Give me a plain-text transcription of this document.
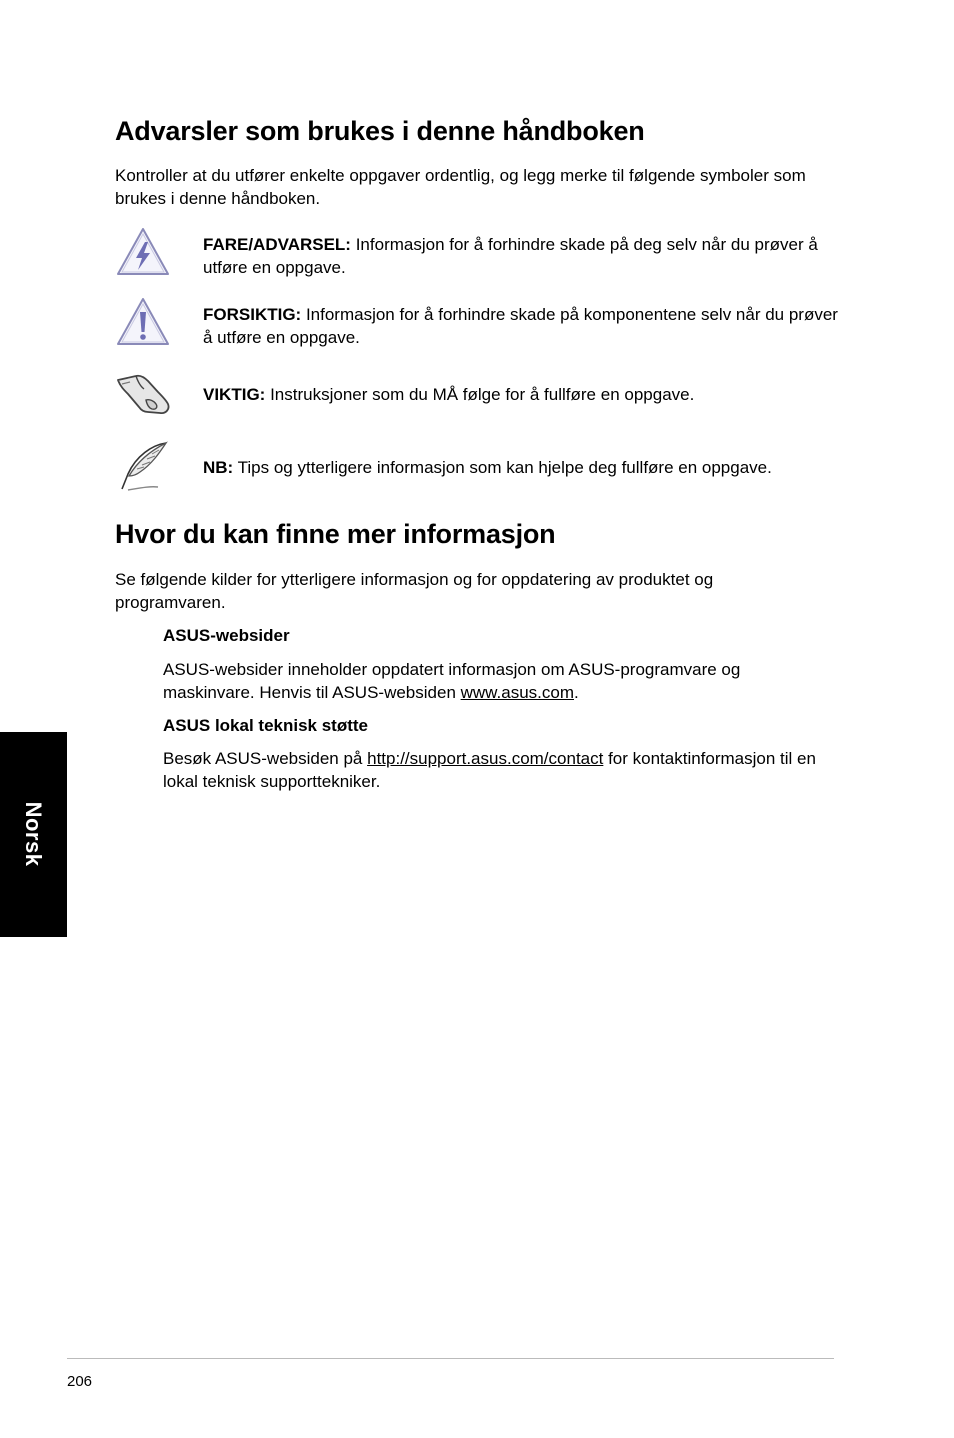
Advarsler som brukes i denne håndboken

Kontroller at du utfører enkelte oppgaver ordentlig, og legg merke til følgende symboler som brukes i denne håndboken.

FARE/ADVARSEL: Informasjon for å forhindre skade på deg selv når du prøver å utføre en oppgave.
FORSIKTIG: Informasjon for å forhindre skade på komponentene selv når du prøver å utføre en oppgave.
VIKTIG: Instruksjoner som du MÅ følge for å fullføre en oppgave.
NB: Tips og ytterligere informasjon som kan hjelpe deg fullføre en oppgave.
Hvor du kan finne mer informasjon

Se følgende kilder for ytterligere informasjon og for oppdatering av produktet og programvaren.

ASUS-websider

ASUS-websider inneholder oppdatert informasjon om ASUS-programvare og maskinvare. Henvis til ASUS-websiden www.asus.com.

ASUS lokal teknisk støtte

Besøk ASUS-websiden på http://support.asus.com/contact for kontaktinformasjon til en lokal teknisk supporttekniker.

Norsk
206
